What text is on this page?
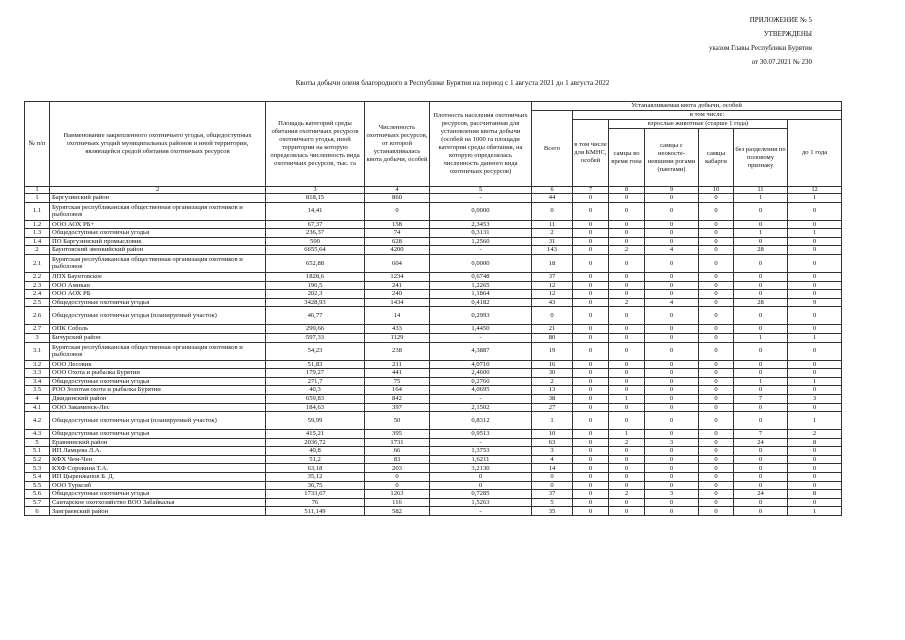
ПРИЛОЖЕНИЕ № 5
УТВЕРЖДЕНЫ
указом Главы Республики Бурятия
от 30.07.2021 № 230
Квоты добычи оленя благородного в Республике Бурятия на период с 1 августа 2021 до 1 августа 2022
№ п/п	Наименование закрепленного охотничьего угодья, общедоступных охотничьих угодий муниципальных районов и иной территории, являющейся средой обитания охотничьих ресурсов	Площадь категорий среды обитания охотничьих ресурсов охотничьего угодья, иной территории на которую определялась численность вида охотничьих ресурсов, тыс. га	Численность охотничьих ресурсов, от которой устанавливалась квота добычи, особей	Плотность населения охотничьих ресурсов, рассчитанная для установления квоты добычи (особей на 1000 га площади категории среды обитания, на которую определялась численность данного вида охотничьих ресурсов)	Устанавливаемая квота добычи, особей						
					Всего	в том числе:					
						в том числе для КМНС, особей	взрослые животные (старше 1 года)				до 1 года
							самцы во время гона	самцы с неокосте-невшими рогами (пантами)	самцы кабарги	без разделения по половому признаку	
1	2	3	4	5	6	7	8	9	10	11	12
1	Баргузинский район	818,15	860	-	44	0	0	0	0	1	1
1.1	Бурятская республиканская общественная организация охотников и рыболовов	14,41	0	0,0000	0	0	0	0	0	0	0
1.2	ООО АОХ РБ+	67,37	158	2,3453	11	0	0	0	0	0	0
1.3	Общедоступные охотничьи угодья	236,37	74	0,3131	2	0	0	0	0	1	1
1.4	ПО Баргузинский промысловик	500	628	1,2560	31	0	0	0	0	0	0
2	Баунтовский эвенкийский район	6655,64	4200	-	143	0	2	4	0	28	9
2.1	Бурятская республиканская общественная организация охотников и рыболовов	652,88	604	0,0000	18	0	0	0	0	0	0
2.2	ЛПХ Баунтовское	1828,6	1234	0,6748	37	0	0	0	0	0	0
2.3	ООО Амнкан	196,5	241	1,2265	12	0	0	0	0	0	0
2.4	ООО АОХ РБ	202,3	240	1,1864	12	0	0	0	0	0	0
2.5	Общедоступные охотничьи угодья	3428,93	1434	0,4182	43	0	2	4	0	28	9
2.6	Общедоступные охотничьи угодья (планируемый участок)	46,77	14	0,2993	0	0	0	0	0	0	0
2.7	ОПК Соболь	299,66	433	1,4450	21	0	0	0	0	0	0
3	Бичурский район	597,33	1129	-	80	0	0	0	0	1	1
3.1	Бурятская республиканская общественная организация охотников и рыболовов	54,23	238	4,3887	19	0	0	0	0	0	0
3.2	ООО Лесовик	51,83	211	4,0710	16	0	0	0	0	0	0
3.3	ООО Охота и рыбалка Бурятии	179,27	441	2,4600	30	0	0	0	0	0	0
3.4	Общедоступные охотничьи угодья	271,7	75	0,2760	2	0	0	0	0	1	1
3.5	РОО Золотая охота и рыбалка Бурятии	40,3	164	4,0695	13	0	0	0	0	0	0
4	Джидинский район	659,83	842	-	38	0	1	0	0	7	3
4.1	ООО Закаменск-Лес	184,63	397	2,1502	27	0	0	0	0	0	0
4.2	Общедоступные охотничьи угодья (планируемый участок)	59,99	50	0,8312	1	0	0	0	0	0	1
4.3	Общедоступные охотничьи угодья	415,21	395	0,9513	10	0	1	0	0	7	2
5	Еравнинский район	2036,72	1731	-	63	0	2	3	0	24	8
5.1	ИП Ламцева Л.А.	40,8	66	1,3753	3	0	0	0	0	0	0
5.2	КФХ Чем-Чен	51,2	83	1,6211	4	0	0	0	0	0	0
5.3	КХФ Сорокина Т.А.	63,18	203	3,2130	14	0	0	0	0	0	0
5.4	ИП Цыренжапов Б. Д.	35,12	0	0	0	0	0	0	0	0	0
5.5	ООО Турксиб	36,75	0	0	0	0	0	0	0	0	0
5.6	Общедоступные охотничьи угодья	1733,67	1263	0,7285	37	0	2	3	0	24	8
5.7	Саитарское охотхозяйство ВОО Забайкалья	76	116	1,5263	5	0	0	0	0	0	0
6	Заиграевский район	511,149	582	-	35	0	0	0	0	0	1
